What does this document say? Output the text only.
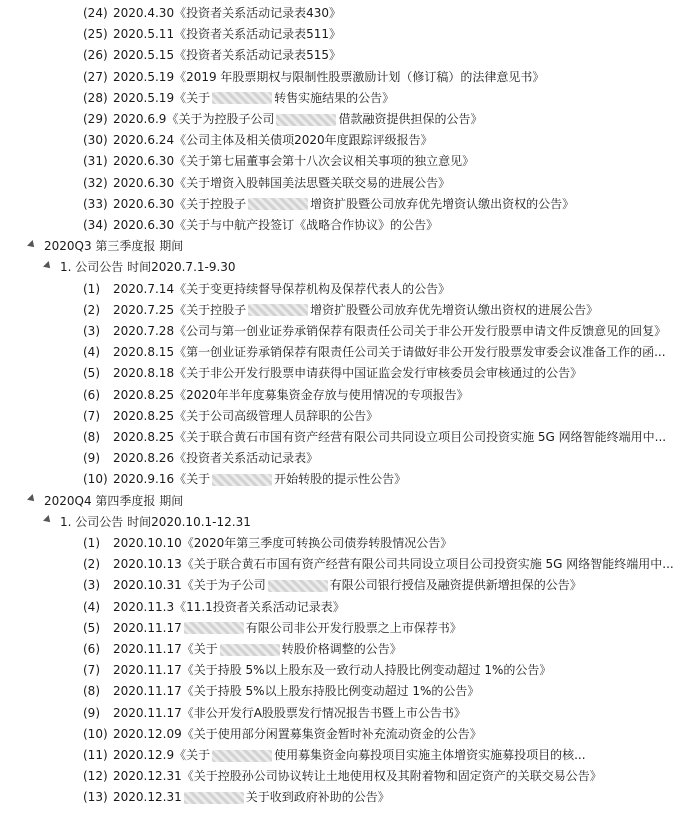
(24) 2020.4.30《投资者关系活动记录表430》
(25) 2020.5.11《投资者关系活动记录表511》
(26) 2020.5.15《投资者关系活动记录表515》
(27) 2020.5.19《2019 年股票期权与限制性股票激励计划（修订稿）的法律意见书》
(28) 2020.5.19《关于	转售实施结果的公告》
(29) 2020.6.9《关于为控股子公司	借款融资提供担保的公告》
(30) 2020.6.24《公司主体及相关债项2020年度跟踪评级报告》
(31) 2020.6.30《关于第七届董事会第十八次会议相关事项的独立意见》
(32) 2020.6.30《关于增资入股韩国美法思暨关联交易的进展公告》
(33) 2020.6.30《关于控股子	增资扩股暨公司放弃优先增资认缴出资权的公告》
(34) 2020.6.30《关于与中航产投签订《战略合作协议》的公告》
2020Q3 第三季度报 期间
1. 公司公告 时间2020.7.1-9.30
(1) 2020.7.14《关于变更持续督导保荐机构及保荐代表人的公告》
(2) 2020.7.25《关于控股子	增资扩股暨公司放弃优先增资认缴出资权的进展公告》
(3) 2020.7.28《公司与第一创业证券承销保荐有限责任公司关于非公开发行股票申请文件反馈意见的回复》
(4) 2020.8.15《第一创业证券承销保荐有限责任公司关于请做好非公开发行股票发审委会议准备工作的函...
(5) 2020.8.18《关于非公开发行股票申请获得中国证监会发行审核委员会审核通过的公告》
(6) 2020.8.25《2020年半年度募集资金存放与使用情况的专项报告》
(7) 2020.8.25《关于公司高级管理人员辞职的公告》
(8) 2020.8.25《关于联合黄石市国有资产经营有限公司共同设立项目公司投资实施 5G 网络智能终端用中...
(9) 2020.8.26《投资者关系活动记录表》
(10) 2020.9.16《关于	开始转股的提示性公告》
2020Q4 第四季度报 期间
1. 公司公告 时间2020.10.1-12.31
(1) 2020.10.10《2020年第三季度可转换公司债券转股情况公告》
(2) 2020.10.13《关于联合黄石市国有资产经营有限公司共同设立项目公司投资实施 5G 网络智能终端用中...
(3) 2020.10.31《关于为子公司	有限公司银行授信及融资提供新增担保的公告》
(4) 2020.11.3《11.1投资者关系活动记录表》
(5) 2020.11.17	有限公司非公开发行股票之上市保荐书》
(6) 2020.11.17《关于	转股价格调整的公告》
(7) 2020.11.17《关于持股 5%以上股东及一致行动人持股比例变动超过 1%的公告》
(8) 2020.11.17《关于持股 5%以上股东持股比例变动超过 1%的公告》
(9) 2020.11.17《非公开发行A股股票发行情况报告书暨上市公告书》
(10) 2020.12.09《关于使用部分闲置募集资金暂时补充流动资金的公告》
(11) 2020.12.9《关于	使用募集资金向募投项目实施主体增资实施募投项目的核...
(12) 2020.12.31《关于控股孙公司协议转让土地使用权及其附着物和固定资产的关联交易公告》
(13) 2020.12.31	关于收到政府补助的公告》
